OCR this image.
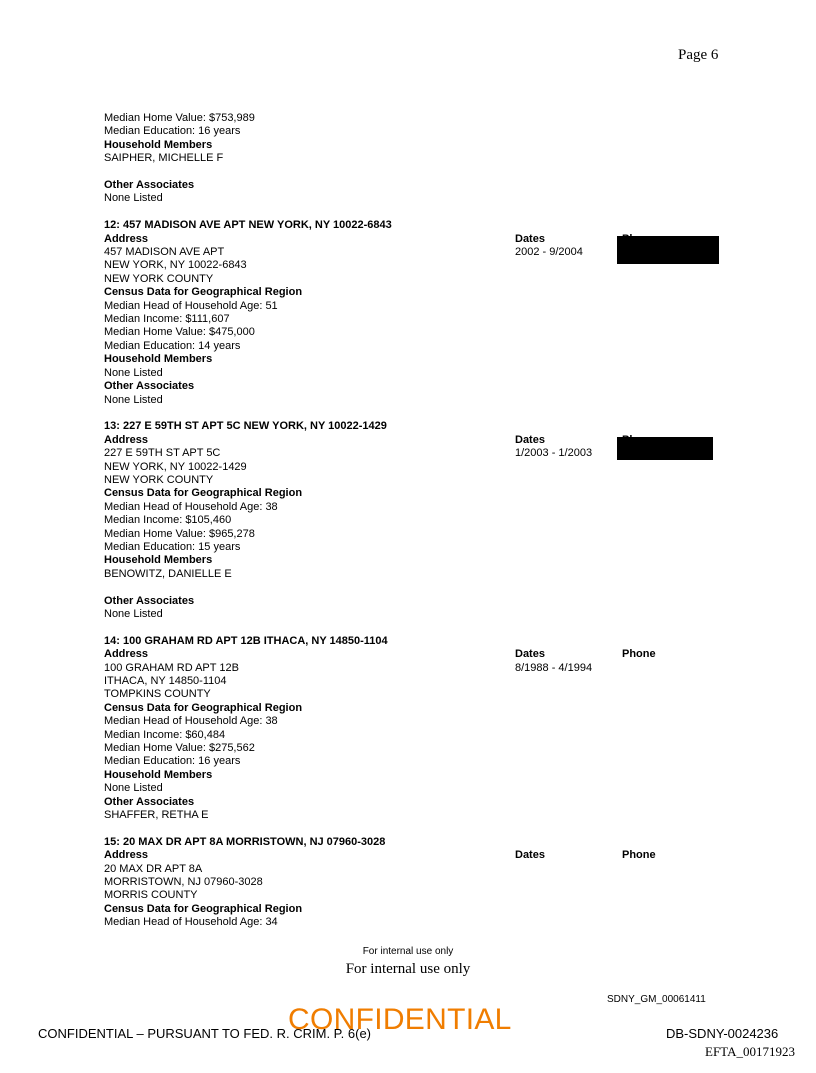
Page 6
Median Home Value: $753,989
Median Education: 16 years
Household Members
SAIPHER, MICHELLE F
Other Associates
None Listed
12: 457 MADISON AVE APT NEW YORK, NY 10022-6843
Address
457 MADISON AVE APT
NEW YORK, NY 10022-6843
NEW YORK COUNTY
Census Data for Geographical Region
Median Head of Household Age: 51
Median Income: $111,607
Median Home Value: $475,000
Median Education: 14 years
Household Members
None Listed
Other Associates
None Listed
Dates
2002 - 9/2004
13: 227 E 59TH ST APT 5C NEW YORK, NY 10022-1429
Address
227 E 59TH ST APT 5C
NEW YORK, NY 10022-1429
NEW YORK COUNTY
Census Data for Geographical Region
Median Head of Household Age: 38
Median Income: $105,460
Median Home Value: $965,278
Median Education: 15 years
Household Members
BENOWITZ, DANIELLE E
Other Associates
None Listed
Dates
1/2003 - 1/2003
14: 100 GRAHAM RD APT 12B ITHACA, NY 14850-1104
Address
100 GRAHAM RD APT 12B
ITHACA, NY 14850-1104
TOMPKINS COUNTY
Census Data for Geographical Region
Median Head of Household Age: 38
Median Income: $60,484
Median Home Value: $275,562
Median Education: 16 years
Household Members
None Listed
Other Associates
SHAFFER, RETHA E
Dates
8/1988 - 4/1994
Phone
15: 20 MAX DR APT 8A MORRISTOWN, NJ 07960-3028
Address
20 MAX DR APT 8A
MORRISTOWN, NJ 07960-3028
MORRIS COUNTY
Census Data for Geographical Region
Median Head of Household Age: 34
Dates	Phone
For internal use only
For internal use only
SDNY_GM_00061411
CONFIDENTIAL – PURSUANT TO FED. R. CRIM. P. 6(e)
CONFIDENTIAL	DB-SDNY-0024236
EFTA_00171923
